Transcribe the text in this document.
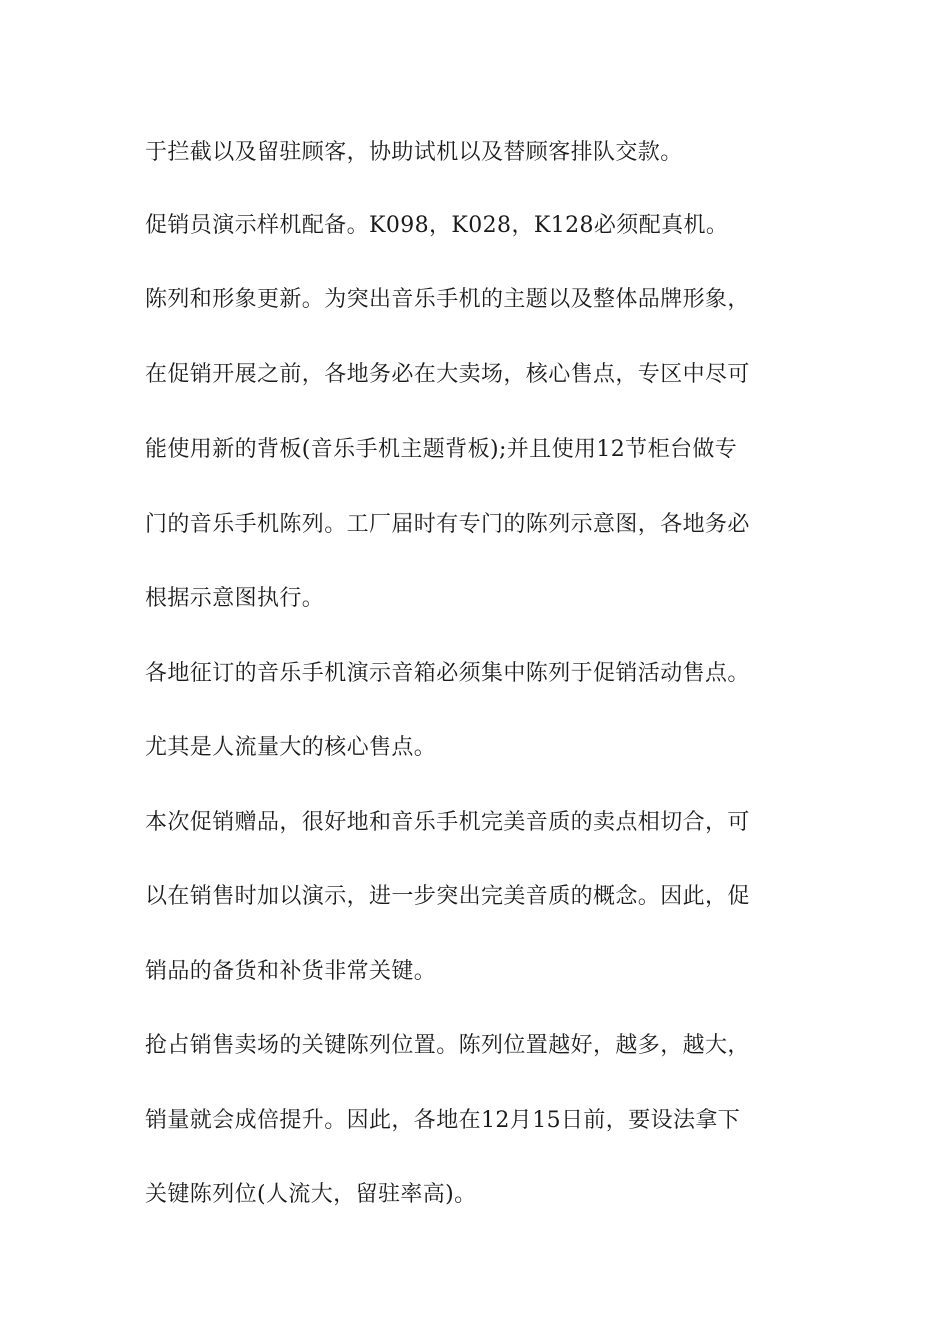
于拦截以及留驻顾客，协助试机以及替顾客排队交款。

促销员演示样机配备。K098，K028，K128必须配真机。

陈列和形象更新。为突出音乐手机的主题以及整体品牌形象，

在促销开展之前，各地务必在大卖场，核心售点，专区中尽可

能使用新的背板(音乐手机主题背板);并且使用12节柜台做专

门的音乐手机陈列。工厂届时有专门的陈列示意图，各地务必

根据示意图执行。

各地征订的音乐手机演示音箱必须集中陈列于促销活动售点。

尤其是人流量大的核心售点。

本次促销赠品，很好地和音乐手机完美音质的卖点相切合，可

以在销售时加以演示，进一步突出完美音质的概念。因此，促

销品的备货和补货非常关键。

抢占销售卖场的关键陈列位置。陈列位置越好，越多，越大，

销量就会成倍提升。因此，各地在12月15日前，要设法拿下

关键陈列位(人流大，留驻率高)。
